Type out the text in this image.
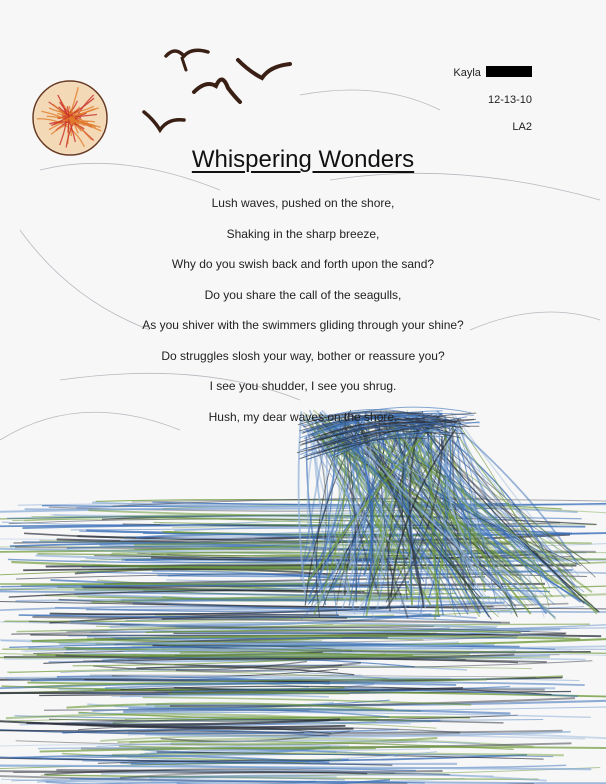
Kayla
12-13-10
LA2
Whispering Wonders
Lush waves, pushed on the shore,
Shaking in the sharp breeze,
Why do you swish back and forth upon the sand?
Do you share the call of the seagulls,
As you shiver with the swimmers gliding through your shine?
Do struggles slosh your way, bother or reassure you?
I see you shudder, I see you shrug.
Hush, my dear waves on the shore.
